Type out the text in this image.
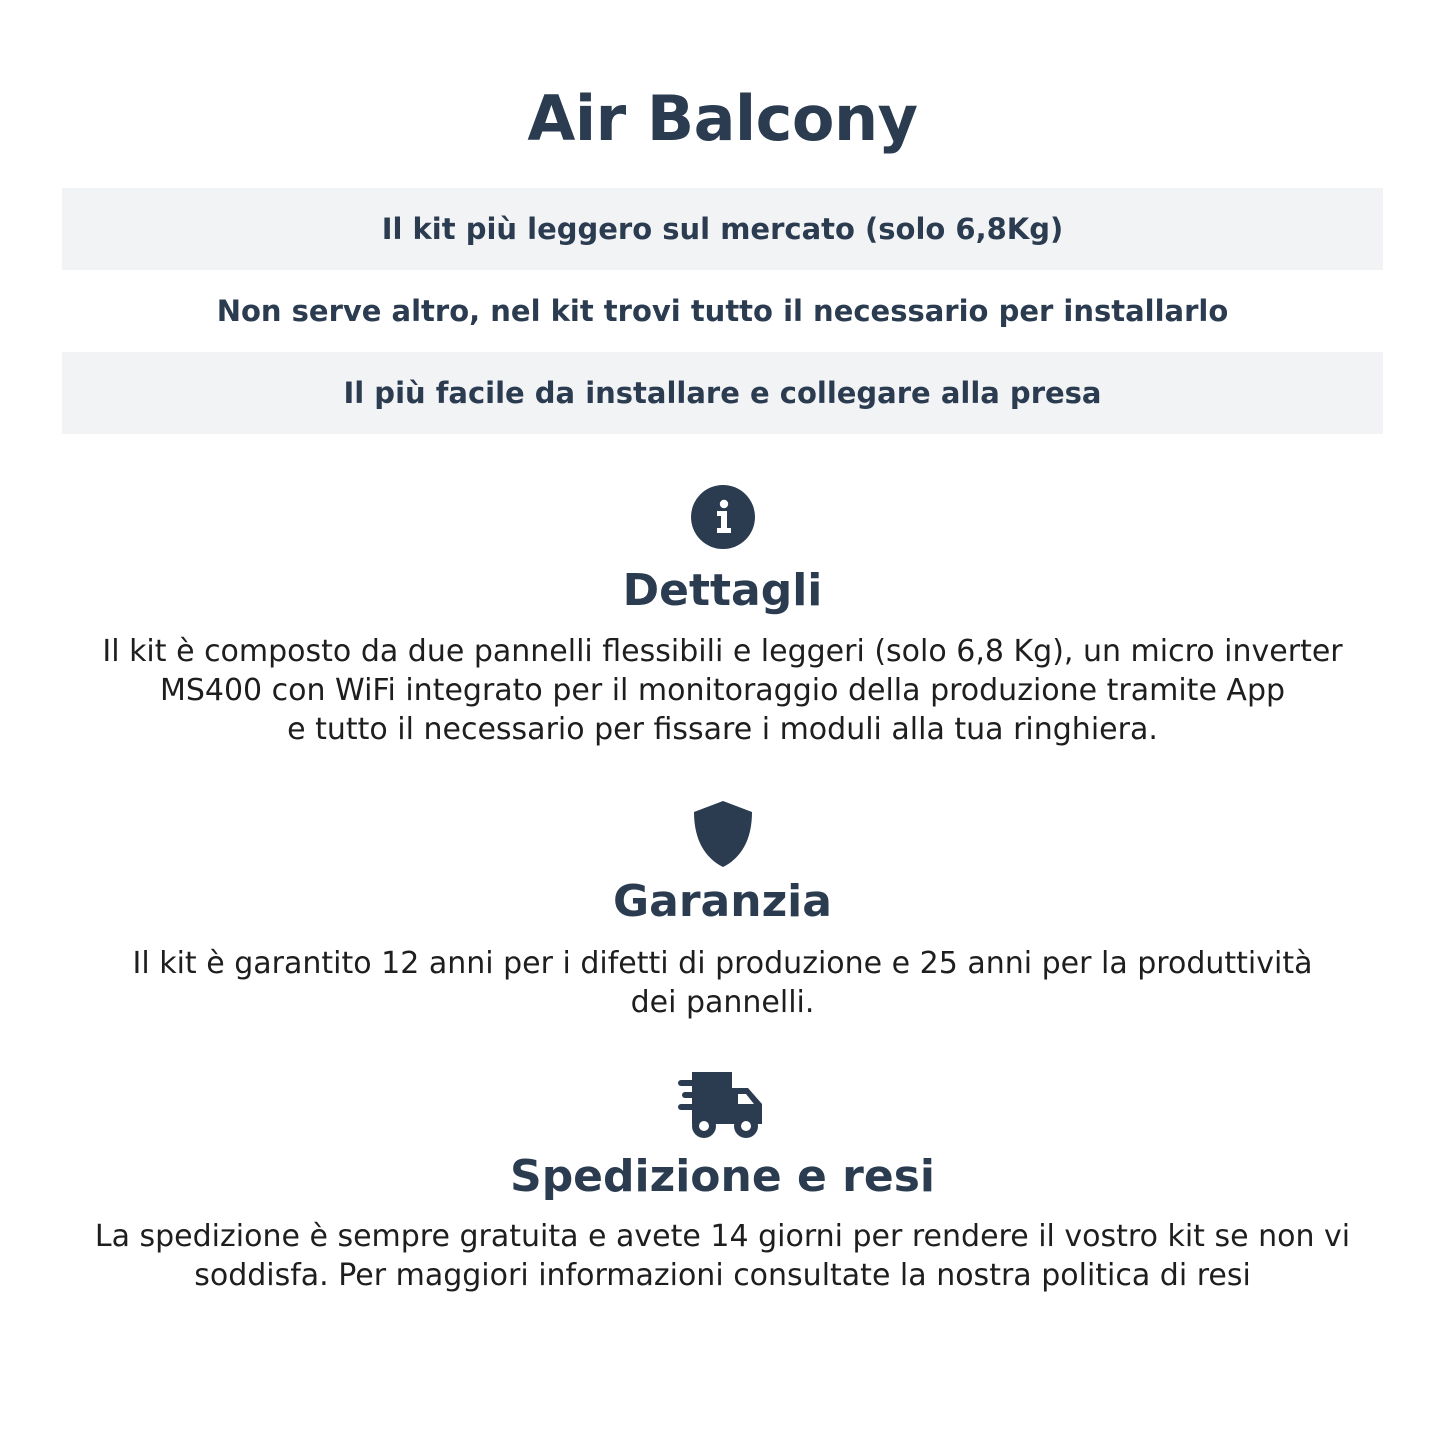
Air Balcony
Il kit più leggero sul mercato (solo 6,8Kg)
Non serve altro, nel kit trovi tutto il necessario per installarlo
Il più facile da installare e collegare alla presa
Dettagli
Il kit è composto da due pannelli flessibili e leggeri (solo 6,8 Kg), un micro inverter
MS400 con WiFi integrato per il monitoraggio della produzione tramite App
e tutto il necessario per fissare i moduli alla tua ringhiera.
Garanzia
Il kit è garantito 12 anni per i difetti di produzione e 25 anni per la produttività
dei pannelli.
Spedizione e resi
La spedizione è sempre gratuita e avete 14 giorni per rendere il vostro kit se non vi
soddisfa. Per maggiori informazioni consultate la nostra politica di resi
